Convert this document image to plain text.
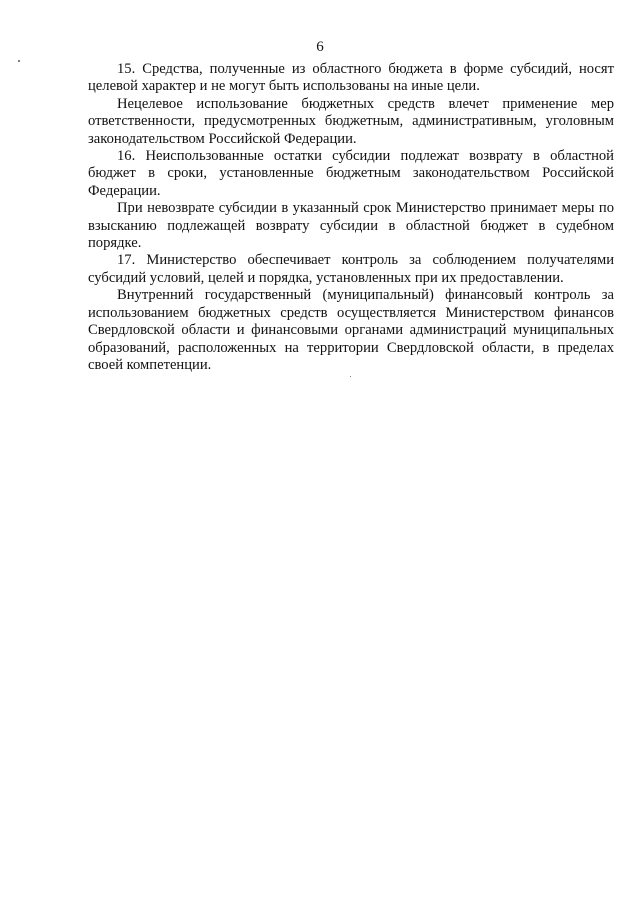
6

15. Средства, полученные из областного бюджета в форме субсидий, носят целевой характер и не могут быть использованы на иные цели.

Нецелевое использование бюджетных средств влечет применение мер ответственности, предусмотренных бюджетным, административным, уголовным законодательством Российской Федерации.

16. Неиспользованные остатки субсидии подлежат возврату в областной бюджет в сроки, установленные бюджетным законодательством Российской Федерации.

При невозврате субсидии в указанный срок Министерство принимает меры по взысканию подлежащей возврату субсидии в областной бюджет в судебном порядке.

17. Министерство обеспечивает контроль за соблюдением получателями субсидий условий, целей и порядка, установленных при их предоставлении.

Внутренний государственный (муниципальный) финансовый контроль за использованием бюджетных средств осуществляется Министерством финансов Свердловской области и финансовыми органами администраций муниципальных образований, расположенных на территории Свердловской области, в пределах своей компетенции.
